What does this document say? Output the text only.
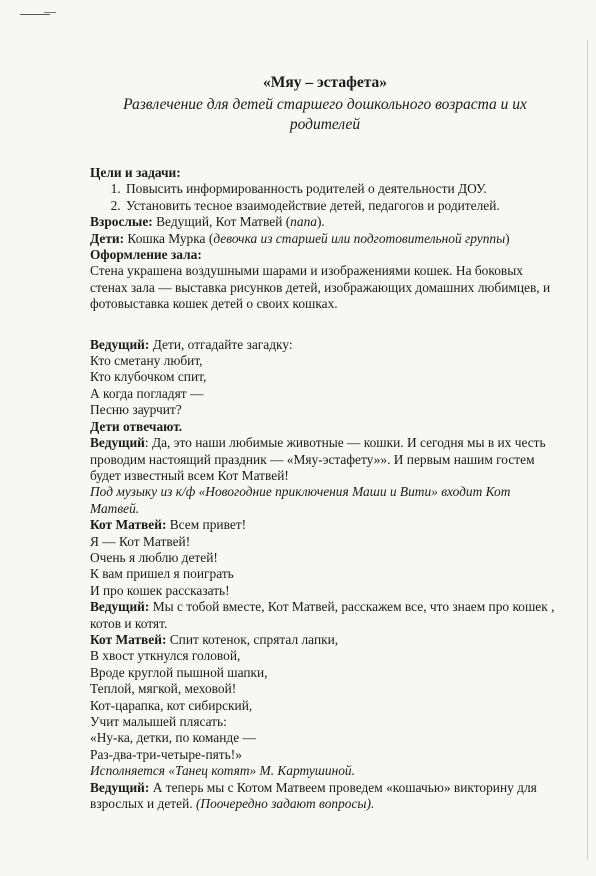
«Мяу – эстафета»
Развлечение для детей старшего дошкольного возраста и их родителей
Цели и задачи:
1. Повысить информированность родителей о деятельности ДОУ.
2. Установить тесное взаимодействие детей, педагогов и родителей.
Взрослые: Ведущий, Кот Матвей (папа).
Дети: Кошка Мурка (девочка из старшей или подготовительной группы)
Оформление зала:
Стена украшена воздушными шарами и изображениями кошек. На боковых стенах зала — выставка рисунков детей, изображающих домашних любимцев, и фотовыставка кошек детей о своих кошках.
Ведущий: Дети, отгадайте загадку:
Кто сметану любит,
Кто клубочком спит,
А когда погладят —
Песню заурчит?
Дети отвечают.
Ведущий: Да, это наши любимые животные — кошки. И сегодня мы в их честь проводим настоящий праздник — «Мяу-эстафету»». И первым нашим гостем будет известный всем Кот Матвей!
Под музыку из к/ф «Новогодние приключения Маши и Вити» входит Кот Матвей.
Кот Матвей: Всем привет!
Я — Кот Матвей!
Очень я люблю детей!
К вам пришел я поиграть
И про кошек рассказать!
Ведущий: Мы с тобой вместе, Кот Матвей, расскажем все, что знаем про кошек , котов и котят.
Кот Матвей: Спит котенок, спрятал лапки,
В хвост уткнулся головой,
Вроде круглой пышной шапки,
Теплой, мягкой, меховой!
Кот-царапка, кот сибирский,
Учит малышей плясать:
«Ну-ка, детки, по команде —
Раз-два-три-четыре-пять!»
Исполняется «Танец котят» М. Картушиной.
Ведущий: А теперь мы с Котом Матвеем проведем «кошачью» викторину для взрослых и детей. (Поочередно задают вопросы).
